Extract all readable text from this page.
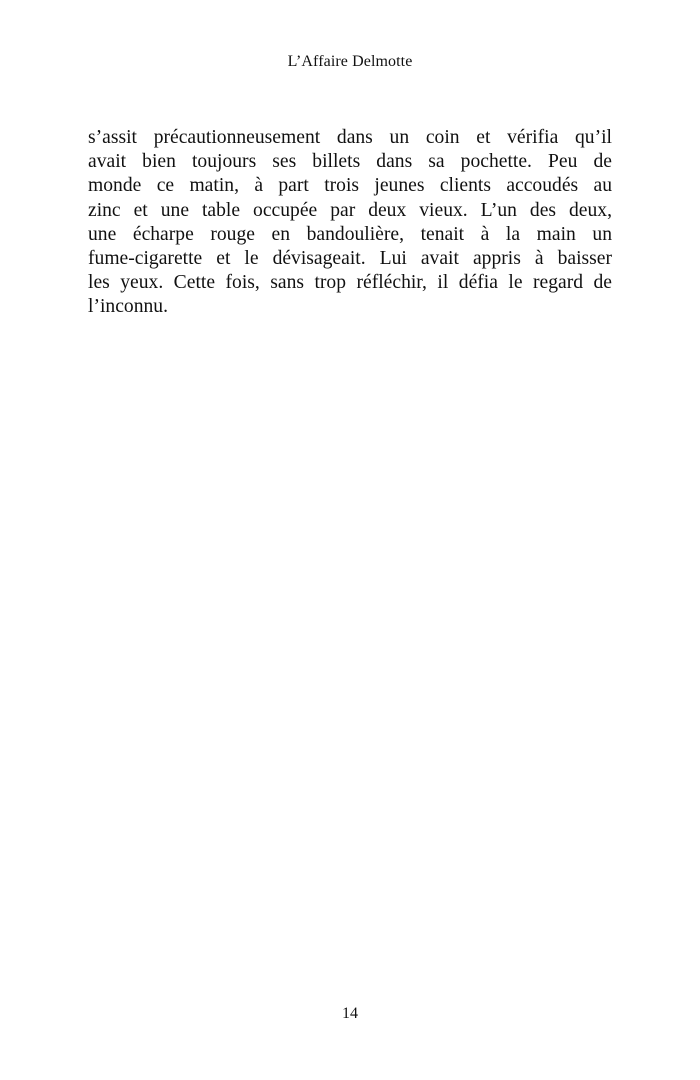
L’Affaire Delmotte
s’assit précautionneusement dans un coin et vérifia qu’il
avait bien toujours ses billets dans sa pochette. Peu de
monde ce matin, à part trois jeunes clients accoudés au
zinc et une table occupée par deux vieux. L’un des deux,
une écharpe rouge en bandoulière, tenait à la main un
fume-cigarette et le dévisageait. Lui avait appris à baisser
les yeux. Cette fois, sans trop réfléchir, il défia le regard de
l’inconnu.
14
